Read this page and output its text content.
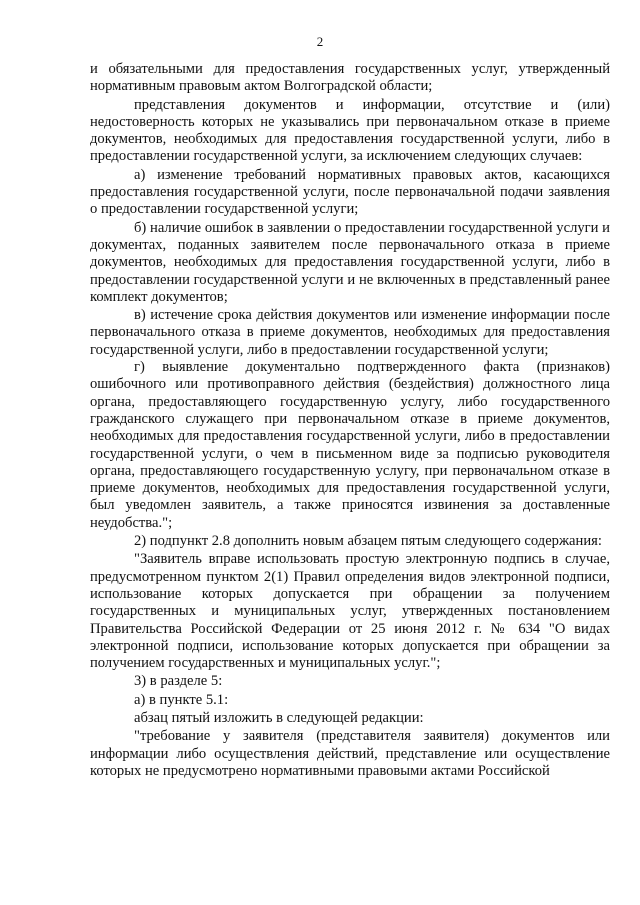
2

и обязательными для предоставления государственных услуг, утвержденный нормативным правовым актом Волгоградской области;

представления документов и информации, отсутствие и (или) недостоверность которых не указывались при первоначальном отказе в приеме документов, необходимых для предоставления государственной услуги, либо в предоставлении государственной услуги, за исключением следующих случаев:

а) изменение требований нормативных правовых актов, касающихся предоставления государственной услуги, после первоначальной подачи заявления о предоставлении государственной услуги;

б) наличие ошибок в заявлении о предоставлении государственной услуги и документах, поданных заявителем после первоначального отказа в приеме документов, необходимых для предоставления государственной услуги, либо в предоставлении государственной услуги и не включенных в представленный ранее комплект документов;

в) истечение срока действия документов или изменение информации после первоначального отказа в приеме документов, необходимых для предоставления государственной услуги, либо в предоставлении государственной услуги;

г) выявление документально подтвержденного факта (признаков) ошибочного или противоправного действия (бездействия) должностного лица органа, предоставляющего государственную услугу, либо государственного гражданского служащего при первоначальном отказе в приеме документов, необходимых для предоставления государственной услуги, либо в предоставлении государственной услуги, о чем в письменном виде за подписью руководителя органа, предоставляющего государственную услугу, при первоначальном отказе в приеме документов, необходимых для предоставления государственной услуги, был уведомлен заявитель, а также приносятся извинения за доставленные неудобства.";

2) подпункт 2.8 дополнить новым абзацем пятым следующего содержания:

"Заявитель вправе использовать простую электронную подпись в случае, предусмотренном пунктом 2(1) Правил определения видов электронной подписи, использование которых допускается при обращении за получением государственных и муниципальных услуг, утвержденных постановлением Правительства Российской Федерации от 25 июня 2012 г. № 634 "О видах электронной подписи, использование которых допускается при обращении за получением государственных и муниципальных услуг.";

3) в разделе 5:

а) в пункте 5.1:

абзац пятый изложить в следующей редакции:

"требование у заявителя (представителя заявителя) документов или информации либо осуществления действий, представление или осуществление которых не предусмотрено нормативными правовыми актами Российской
